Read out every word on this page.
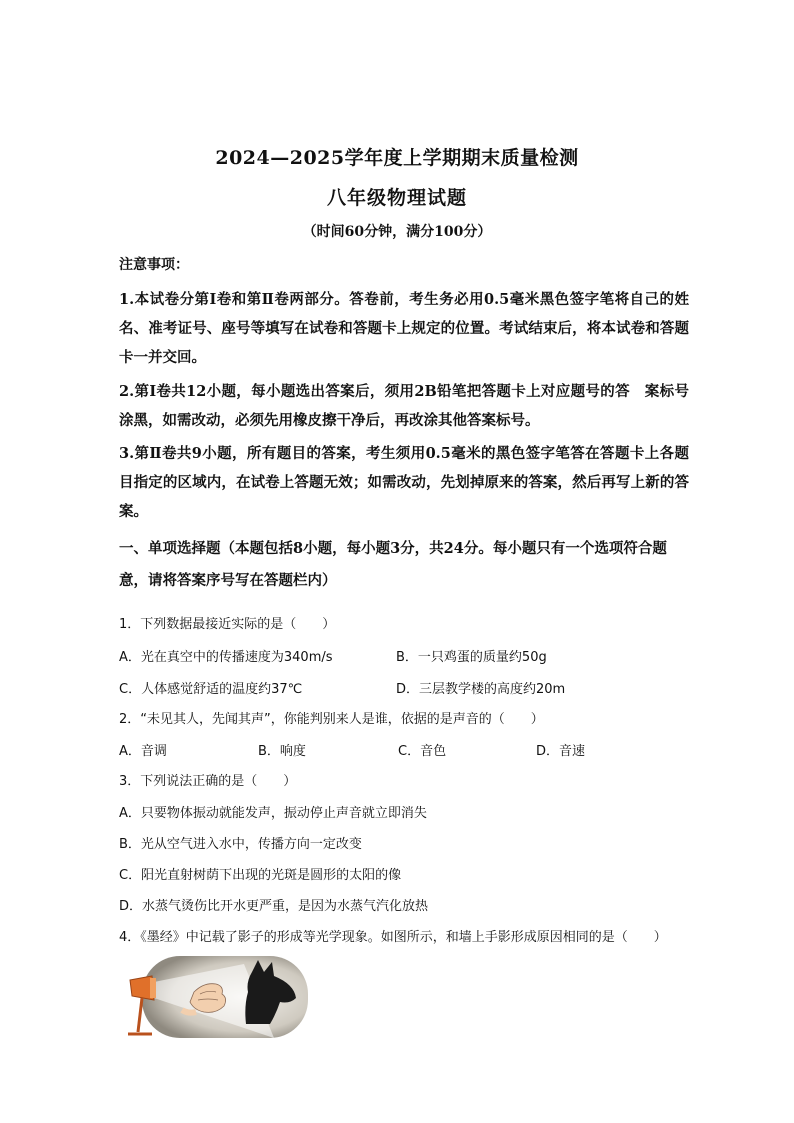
2024—2025学年度上学期期末质量检测
八年级物理试题
（时间60分钟，满分100分）
注意事项：
1.本试卷分第Ⅰ卷和第Ⅱ卷两部分。答卷前，考生务必用0.5毫米黑色签字笔将自己的姓名、准考证号、座号等填写在试卷和答题卡上规定的位置。考试结束后，将本试卷和答题卡一并交回。
2.第Ⅰ卷共12小题，每小题选出答案后，须用2B铅笔把答题卡上对应题号的答　案标号涂黑，如需改动，必须先用橡皮擦干净后，再改涂其他答案标号。
3.第Ⅱ卷共9小题，所有题目的答案，考生须用0.5毫米的黑色签字笔答在答题卡上各题目指定的区域内，在试卷上答题无效；如需改动，先划掉原来的答案，然后再写上新的答案。
一、单项选择题（本题包括8小题，每小题3分，共24分。每小题只有一个选项符合题意，请将答案序号写在答题栏内）
1．下列数据最接近实际的是（　　）
A．光在真空中的传播速度为340m/s	B．一只鸡蛋的质量约50g
C．人体感觉舒适的温度约37℃	D．三层教学楼的高度约20m
2．“未见其人，先闻其声”，你能判别来人是谁，依据的是声音的（　　）
A．音调	B．响度	C．音色	D．音速
3．下列说法正确的是（　　）
A．只要物体振动就能发声，振动停止声音就立即消失
B．光从空气进入水中，传播方向一定改变
C．阳光直射树荫下出现的光斑是圆形的太阳的像
D．水蒸气烫伤比开水更严重，是因为水蒸气汽化放热
4．《墨经》中记载了影子的形成等光学现象。如图所示，和墙上手影形成原因相同的是（　　）
